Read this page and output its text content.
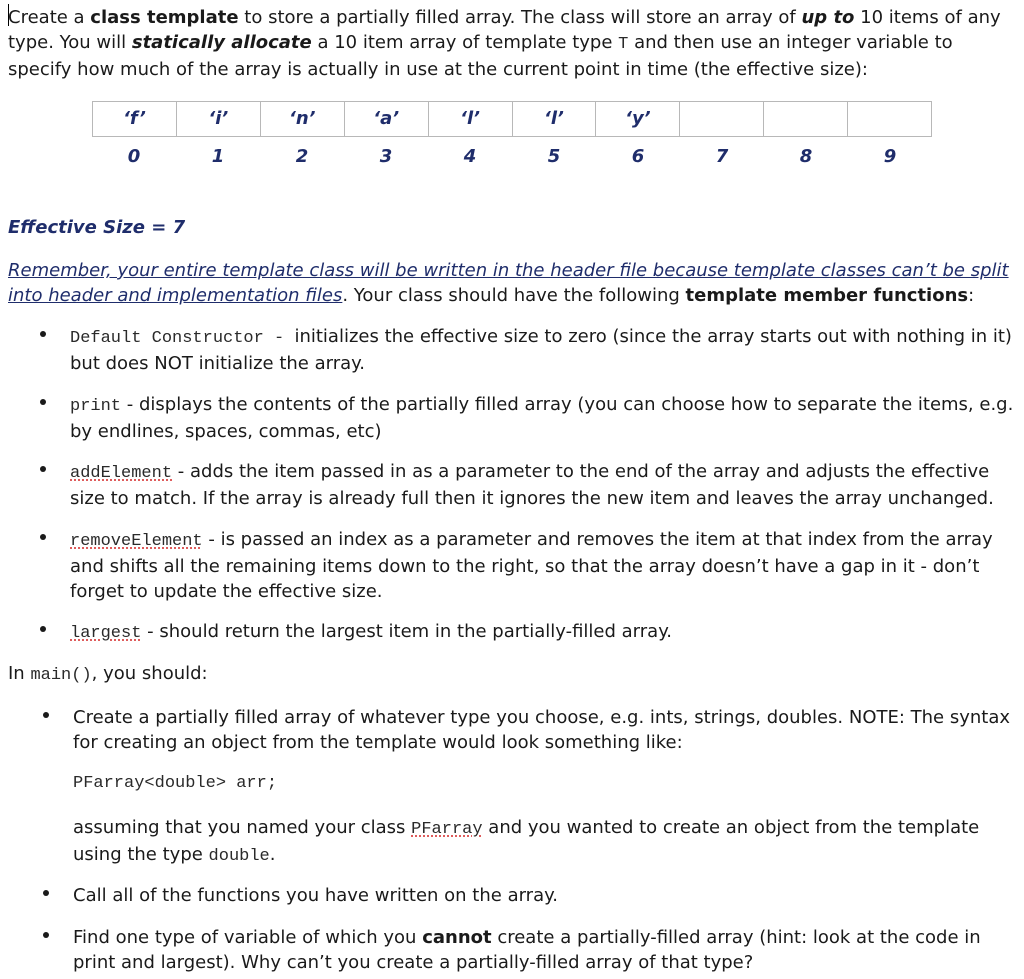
Create a class template to store a partially filled array. The class will store an array of up to 10 items of any type. You will statically allocate a 10 item array of template type T and then use an integer variable to specify how much of the array is actually in use at the current point in time (the effective size):
‘f’	‘i’	‘n’	‘a’	‘l’	‘l’	‘y’
0	1	2	3	4	5	6	7	8	9
Effective Size = 7
Remember, your entire template class will be written in the header file because template classes can’t be split into header and implementation files. Your class should have the following template member functions:
Default Constructor - initializes the effective size to zero (since the array starts out with nothing in it) but does NOT initialize the array.
print - displays the contents of the partially filled array (you can choose how to separate the items, e.g. by endlines, spaces, commas, etc)
addElement - adds the item passed in as a parameter to the end of the array and adjusts the effective size to match. If the array is already full then it ignores the new item and leaves the array unchanged.
removeElement - is passed an index as a parameter and removes the item at that index from the array and shifts all the remaining items down to the right, so that the array doesn’t have a gap in it - don’t forget to update the effective size.
largest - should return the largest item in the partially-filled array.
In main(), you should:
Create a partially filled array of whatever type you choose, e.g. ints, strings, doubles. NOTE: The syntax for creating an object from the template would look something like:
PFarray<double> arr;
assuming that you named your class PFarray and you wanted to create an object from the template using the type double.
Call all of the functions you have written on the array.
Find one type of variable of which you cannot create a partially-filled array (hint: look at the code in print and largest). Why can’t you create a partially-filled array of that type?
